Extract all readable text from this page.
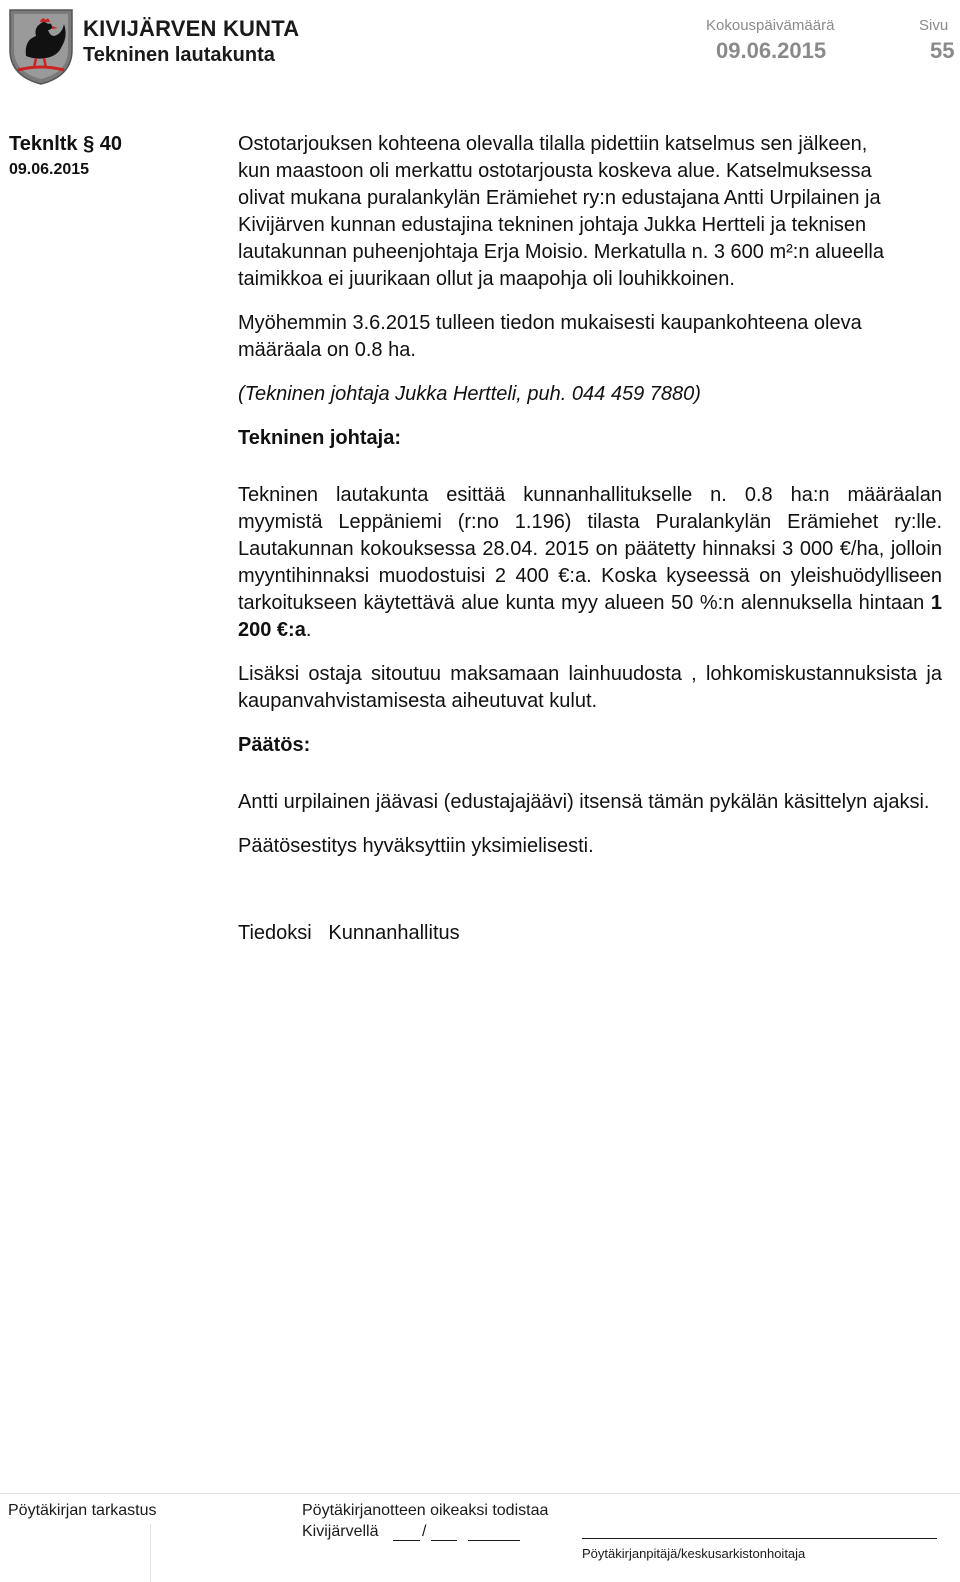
KIVIJÄRVEN KUNTA
Tekninen lautakunta
Kokouspäivämäärä
09.06.2015
Sivu
55
Teknltk § 40
09.06.2015

Ostotarjouksen kohteena olevalla tilalla pidettiin katselmus sen jälkeen, kun maastoon oli merkattu ostotarjousta koskeva alue. Katselmuksessa olivat mukana puralankylän Erämiehet ry:n edustajana Antti Urpilainen ja Kivijärven kunnan edustajina tekninen johtaja Jukka Hertteli ja teknisen lautakunnan puheenjohtaja Erja Moisio. Merkatulla n. 3 600 m²:n alueella taimikkoa ei juurikaan ollut ja maapohja oli louhikkoinen.

Myöhemmin 3.6.2015 tulleen tiedon mukaisesti kaupankohteena oleva määräala on 0.8 ha.

(Tekninen johtaja Jukka Hertteli, puh. 044 459 7880)

Tekninen johtaja:

Tekninen lautakunta esittää kunnanhallitukselle n. 0.8 ha:n määräalan myymistä Leppäniemi (r:no 1.196) tilasta Puralankylän Erämiehet ry:lle. Lautakunnan kokouksessa 28.04. 2015 on päätetty hinnaksi 3 000 €/ha, jolloin myyntihinnaksi muodostuisi 2 400 €:a. Koska kyseessä on yleishuödylliseen tarkoitukseen käytettävä alue kunta myy alueen 50 %:n alennuksella hintaan 1 200 €:a.

Lisäksi ostaja sitoutuu maksamaan lainhuudosta , lohkomiskustannuksista ja kaupanvahvistamisesta aiheutuvat kulut.

Päätös:

Antti urpilainen jäävasi (edustajajäävi) itsensä tämän pykälän käsittelyn ajaksi.

Päätösestitys hyväksyttiin yksimielisesti.

Tiedoksi Kunnanhallitus

Pöytäkirjan tarkastus	Pöytäkirjanotteen oikeaksi todistaa
Kivijärvellä	/
Pöytäkirjanpitäjä/keskusarkistonhoitaja
